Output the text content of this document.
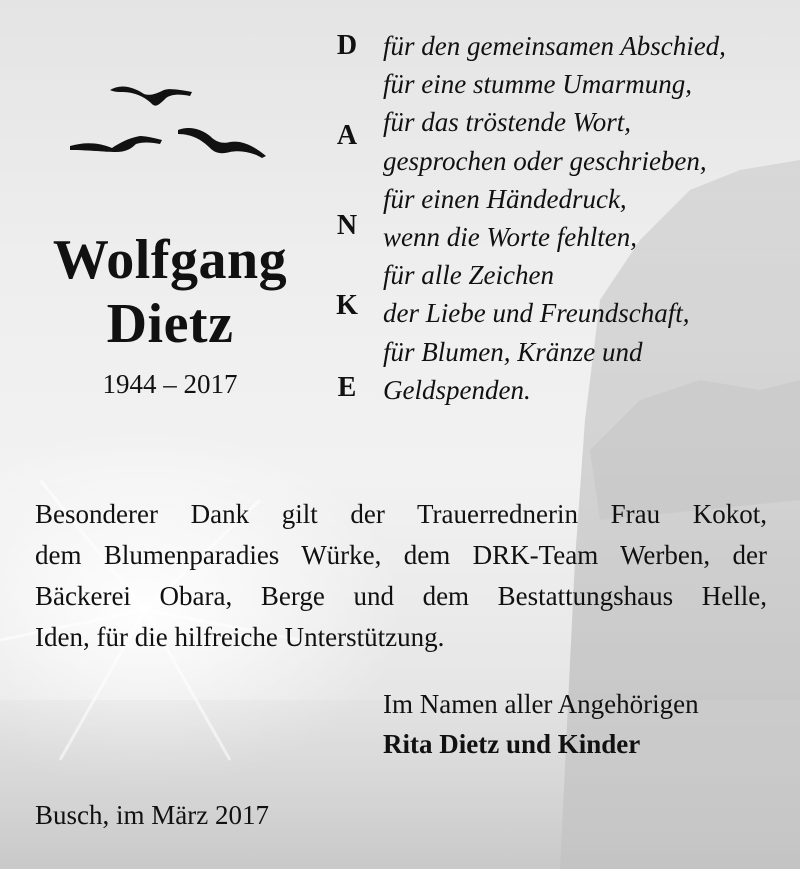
Wolfgang
Dietz
1944 – 2017
D
A
N
K
E
für den gemeinsamen Abschied,
für eine stumme Umarmung,
für das tröstende Wort,
gesprochen oder geschrieben,
für einen Händedruck,
wenn die Worte fehlten,
für alle Zeichen
der Liebe und Freundschaft,
für Blumen, Kränze und
Geldspenden.
Besonderer Dank gilt der Trauerrednerin Frau Kokot,
dem Blumenparadies Würke, dem DRK-Team Werben, der
Bäckerei Obara, Berge und dem Bestattungshaus Helle,
Iden, für die hilfreiche Unterstützung.
Im Namen aller Angehörigen
Rita Dietz und Kinder
Busch, im März 2017
